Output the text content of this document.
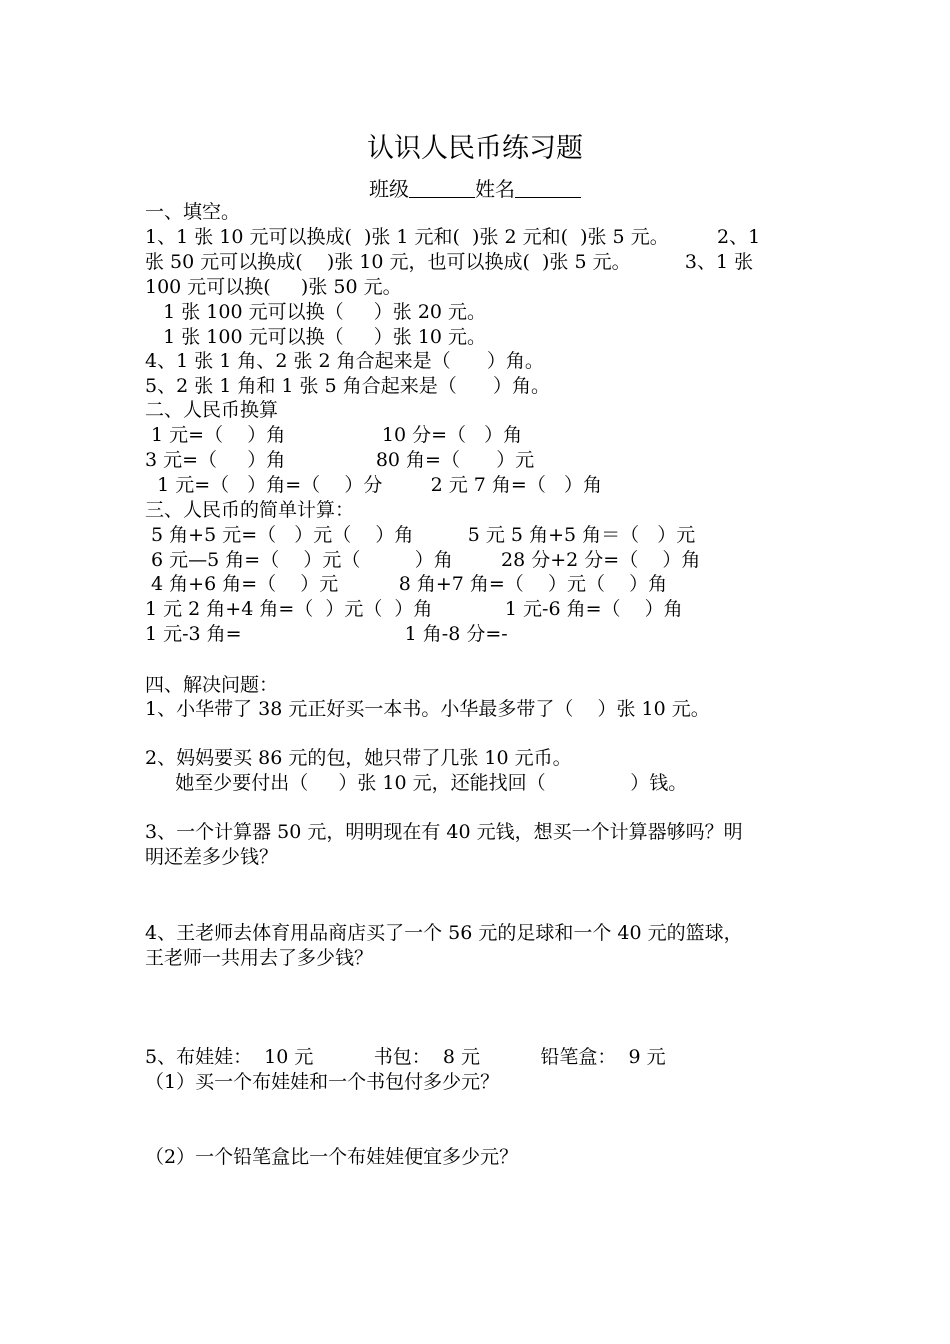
认识人民币练习题
班级	姓名
一、填空。
1、1 张 10 元可以换成(  )张 1 元和(  )张 2 元和(  )张 5 元。        2、1
张 50 元可以换成(    )张 10 元，也可以换成(  )张 5 元。         3、1 张
100 元可以换(     )张 50 元。
1 张 100 元可以换（     ）张 20 元。
1 张 100 元可以换（     ）张 10 元。
4、1 张 1 角、2 张 2 角合起来是（      ）角。
5、2 张 1 角和 1 张 5 角合起来是（      ）角。
二、人民币换算
1 元=（    ）角                10 分=（   ）角
3 元=（     ）角               80 角=（      ）元
1 元=（   ）角=（    ）分        2 元 7 角=（   ）角
三、人民币的简单计算：
5 角+5 元=（   ）元（    ）角         5 元 5 角+5 角＝（   ）元
6 元—5 角=（    ）元（         ）角        28 分+2 分=（    ）角
4 角+6 角=（    ）元          8 角+7 角=（    ）元（    ）角
1 元 2 角+4 角=（  ）元（  ）角            1 元-6 角=（    ）角
1 元-3 角=                           1 角-8 分=-
四、解决问题：
1、小华带了 38 元正好买一本书。小华最多带了（    ）张 10 元。
2、妈妈要买 86 元的包，她只带了几张 10 元币。
她至少要付出（     ）张 10 元，还能找回（              ）钱。
3、一个计算器 50 元，明明现在有 40 元钱，想买一个计算器够吗？明
明还差多少钱？
4、王老师去体育用品商店买了一个 56 元的足球和一个 40 元的篮球，
王老师一共用去了多少钱？
5、布娃娃：  10 元          书包：  8 元          铅笔盒：  9 元
（1）买一个布娃娃和一个书包付多少元？
（2）一个铅笔盒比一个布娃娃便宜多少元？
